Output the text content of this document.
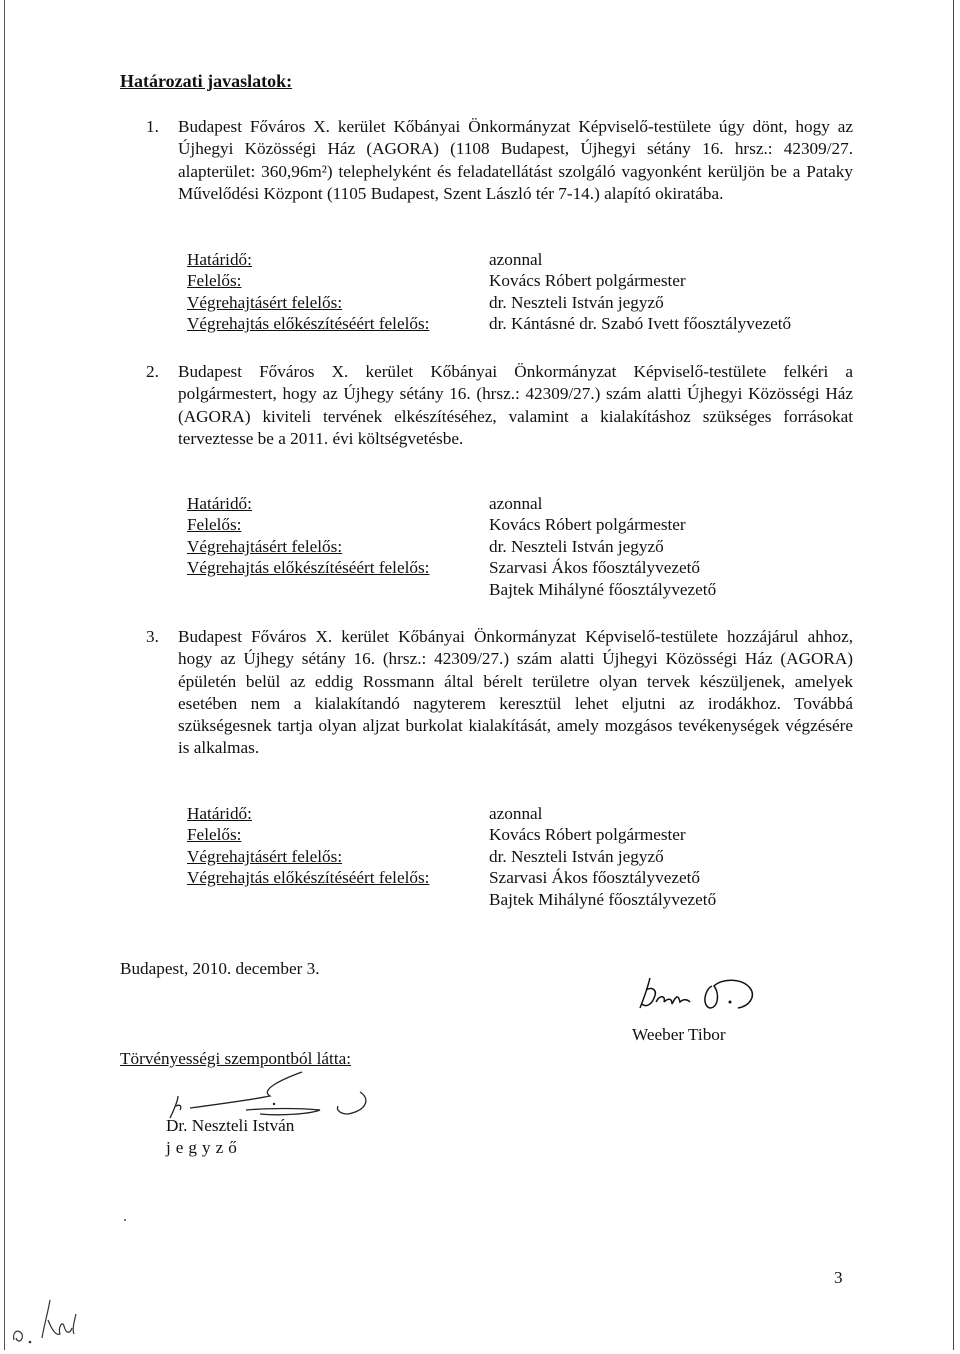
Határozati javaslatok:
1. Budapest Főváros X. kerület Kőbányai Önkormányzat Képviselő-testülete úgy dönt, hogy az Újhegyi Közösségi Ház (AGORA) (1108 Budapest, Újhegyi sétány 16. hrsz.: 42309/27. alapterület: 360,96m²) telephelyként és feladatellátást szolgáló vagyonként kerüljön be a Pataky Művelődési Központ (1105 Budapest, Szent László tér 7-14.) alapító okiratába.
Határidő:	azonnal
Felelős:	Kovács Róbert polgármester
Végrehajtásért felelős:	dr. Neszteli István jegyző
Végrehajtás előkészítéséért felelős:	dr. Kántásné dr. Szabó Ivett főosztályvezető
2. Budapest Főváros X. kerület Kőbányai Önkormányzat Képviselő-testülete felkéri a polgármestert, hogy az Újhegy sétány 16. (hrsz.: 42309/27.) szám alatti Újhegyi Közösségi Ház (AGORA) kiviteli tervének elkészítéséhez, valamint a kialakításhoz szükséges forrásokat terveztesse be a 2011. évi költségvetésbe.
Határidő:	azonnal
Felelős:	Kovács Róbert polgármester
Végrehajtásért felelős:	dr. Neszteli István jegyző
Végrehajtás előkészítéséért felelős:	Szarvasi Ákos főosztályvezető
Bajtek Mihályné főosztályvezető
3. Budapest Főváros X. kerület Kőbányai Önkormányzat Képviselő-testülete hozzájárul ahhoz, hogy az Újhegy sétány 16. (hrsz.: 42309/27.) szám alatti Újhegyi Közösségi Ház (AGORA) épületén belül az eddig Rossmann által bérelt területre olyan tervek készüljenek, amelyek esetében nem a kialakítandó nagyterem keresztül lehet eljutni az irodákhoz. Továbbá szükségesnek tartja olyan aljzat burkolat kialakítását, amely mozgásos tevékenységek végzésére is alkalmas.
Határidő:	azonnal
Felelős:	Kovács Róbert polgármester
Végrehajtásért felelős:	dr. Neszteli István jegyző
Végrehajtás előkészítéséért felelős:	Szarvasi Ákos főosztályvezető
Bajtek Mihályné főosztályvezető
Budapest, 2010. december 3.
Weeber Tibor
Törvényességi szempontból látta:
Dr. Neszteli István
jegyző
3
